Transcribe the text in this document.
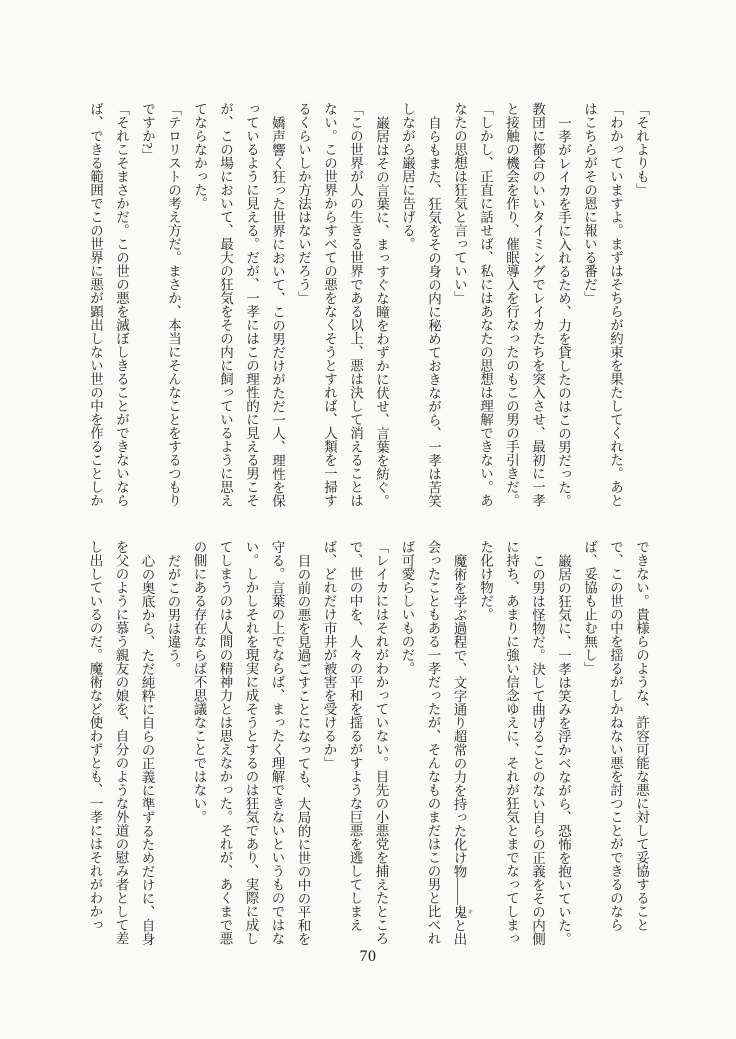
「それよりも」

「わかっていますよ。まずはそちらが約束を果たしてくれた。あと

はこちらがその恩に報いる番だ」

一孝がレイカを手に入れるため、力を貸したのはこの男だった。

教団に都合のいいタイミングでレイカたちを突入させ、最初に一孝

と接触の機会を作り、催眠導入を行なったのもこの男の手引きだ。

「しかし、正直に話せば、私にはあなたの思想は理解できない。あ

なたの思想は狂気と言っていい」

自らもまた、狂気をその身の内に秘めておきながら、一孝は苦笑

しながら巌居に告げる。

巌居はその言葉に、まっすぐな瞳をわずかに伏せ、言葉を紡ぐ。

「この世界が人の生きる世界である以上、悪は決して消えることは

ない。この世界からすべての悪をなくそうとすれば、人類を一掃す

るくらいしか方法はないだろう」

嬌声響く狂った世界において、この男だけがただ一人、理性を保

っているように見える。だが、一孝にはこの理性的に見える男こそ

が、この場において、最大の狂気をその内に飼っているように思え

てならなかった。

「テロリストの考え方だ。まさか、本当にそんなことをするつもり

ですか?」

「それこそまさかだ。この世の悪を滅ぼしきることができないなら

ば、できる範囲でこの世界に悪が顕出しない世の中を作ることしか

できない。貴様らのような、許容可能な悪に対して妥協すること

で、この世の中を揺るがしかねない悪を討つことができるのなら

ば、妥協も止む無し」

巌居の狂気に、一孝は笑みを浮かべながら、恐怖を抱いていた。

この男は怪物だ。決して曲げることのない自らの正義をその内側

に持ち、あまりに強い信念ゆえに、それが狂気とまでなってしまっ

た化け物だ。

魔術を学ぶ過程で、文字通り超常の力を持った化け物——鬼 キと出

会ったこともある一孝だったが、そんなものまだはこの男と比べれ

ば可愛らしいものだ。

「レイカにはそれがわかっていない。目先の小悪党を捕えたところ

で、世の中を、人々の平和を揺るがすような巨悪を逃してしまえ

ば、どれだけ市井が被害を受けるか」

目の前の悪を見過ごすことになっても、大局的に世の中の平和を

守る。言葉の上でならば、まったく理解できないというものではな

い。しかしそれを現実に成そうとするのは狂気であり、実際に成し

てしまうのは人間の精神力とは思えなかった。それが、あくまで悪

の側にある存在ならば不思議なことではない。

だがこの男は違う。

心の奥底から、ただ純粋に自らの正義に準ずるためだけに、自身

を父のように慕う親友の娘を、自分のような外道の慰み者として差

し出しているのだ。魔術など使わずとも、一孝にはそれがわかっ

70
